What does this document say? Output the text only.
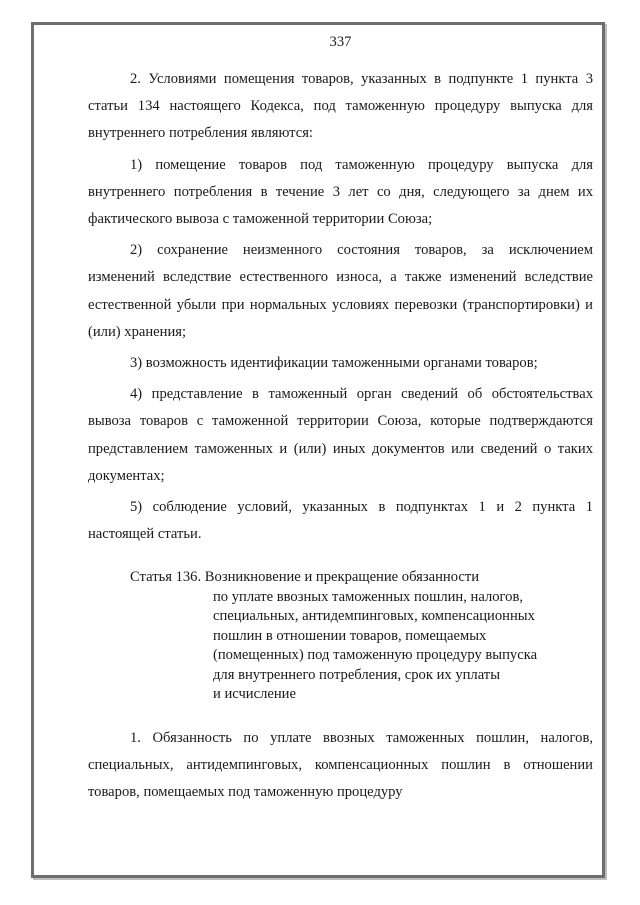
337

2. Условиями помещения товаров, указанных в подпункте 1 пункта 3 статьи 134 настоящего Кодекса, под таможенную процедуру выпуска для внутреннего потребления являются:

1) помещение товаров под таможенную процедуру выпуска для внутреннего потребления в течение 3 лет со дня, следующего за днем их фактического вывоза с таможенной территории Союза;

2) сохранение неизменного состояния товаров, за исключением изменений вследствие естественного износа, а также изменений вследствие естественной убыли при нормальных условиях перевозки (транспортировки) и (или) хранения;

3) возможность идентификации таможенными органами товаров;

4) представление в таможенный орган сведений об обстоятельствах вывоза товаров с таможенной территории Союза, которые подтверждаются представлением таможенных и (или) иных документов или сведений о таких документах;

5) соблюдение условий, указанных в подпунктах 1 и 2 пункта 1 настоящей статьи.

Статья 136. Возникновение и прекращение обязанности
по уплате ввозных таможенных пошлин, налогов,
специальных, антидемпинговых, компенсационных
пошлин в отношении товаров, помещаемых
(помещенных) под таможенную процедуру выпуска
для внутреннего потребления, срок их уплаты
и исчисление

1. Обязанность по уплате ввозных таможенных пошлин, налогов, специальных, антидемпинговых, компенсационных пошлин в отношении товаров, помещаемых под таможенную процедуру
